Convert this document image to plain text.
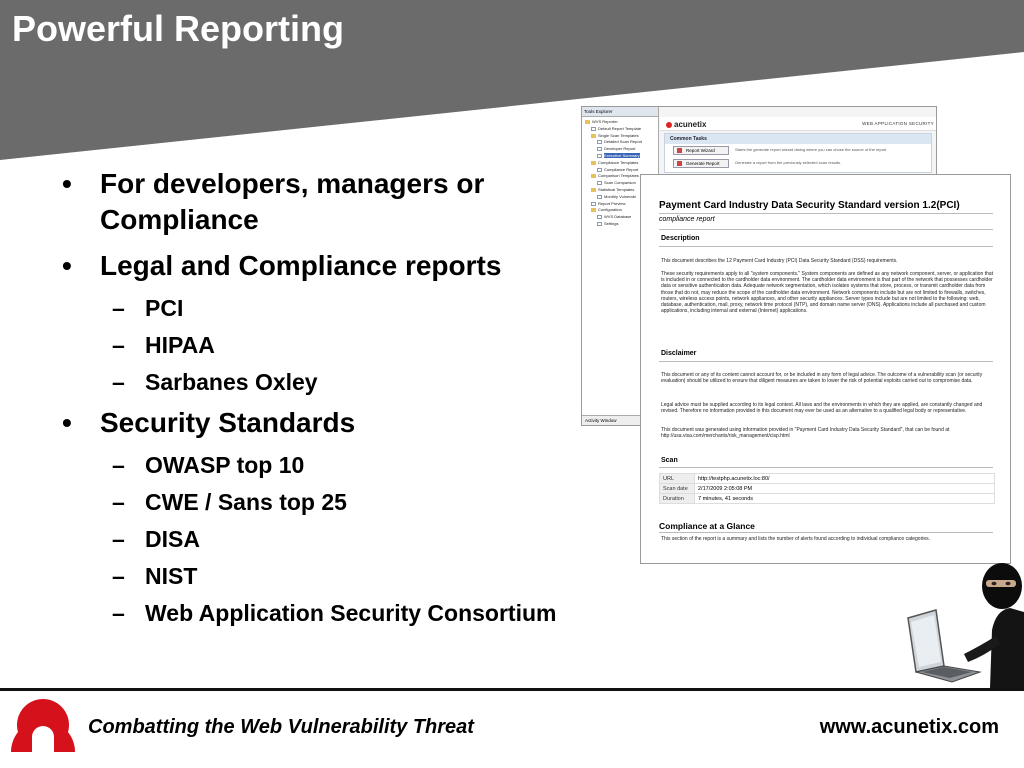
Powerful Reporting
• For developers, managers or Compliance
• Legal and Compliance reports
– PCI
– HIPAA
– Sarbanes Oxley
• Security Standards
– OWASP top 10
– CWE / Sans top 25
– DISA
– NIST
– Web Application Security Consortium
Tools Explorer
WVS Reporter
Default Report Template
Single Scan Templates
Detailed Scan Report
Developer Report
Executive Summary
Compliance Templates
Compliance Report
Comparison Templates
Scan Comparison
Statistical Templates
Monthly Vulnerabi
Report Preview
Configuration
WVS Database
Settings
Activity Window
acunetix	WEB APPLICATION SECURITY
Common Tasks
Report Wizard	Starts the generate report wizard dialog where you can chose the source of the report
Generate Report	Generate a report from the previously selected scan results.
Payment Card Industry Data Security Standard version 1.2(PCI)
compliance report
Description
This document describes the 12 Payment Card Industry (PCI) Data Security Standard (DSS) requirements.
These security requirements apply to all "system components." System components are defined as any network component, server, or application that is included in or connected to the cardholder data environment. The cardholder data environment is that part of the network that possesses cardholder data or sensitive authentication data. Adequate network segmentation, which isolates systems that store, process, or transmit cardholder data from those that do not, may reduce the scope of the cardholder data environment. Network components include but are not limited to firewalls, switches, routers, wireless access points, network appliances, and other security appliances. Server types include but are not limited to the following: web, database, authentication, mail, proxy, network time protocol (NTP), and domain name server (DNS). Applications include all purchased and custom applications, including internal and external (Internet) applications.
Disclaimer
This document or any of its content cannot account for, or be included in any form of legal advice. The outcome of a vulnerability scan (or security evaluation) should be utilized to ensure that diligent measures are taken to lower the risk of potential exploits carried out to compromise data.
Legal advice must be supplied according to its legal context. All laws and the environments in which they are applied, are constantly changed and revised. Therefore no information provided in this document may ever be used as an alternative to a qualified legal body or representative.
This document was generated using information provided in "Payment Card Industry Data Security Standard", that can be found at http://usa.visa.com/merchants/risk_management/cisp.html
Scan
URL	http://testphp.acunetix.loc:80/
Scan date	2/17/2009 2:05:08 PM
Duration	7 minutes, 41 seconds
Compliance at a Glance
This section of the report is a summary and lists the number of alerts found according to individual compliance categories.
Combatting the Web Vulnerability Threat	www.acunetix.com
